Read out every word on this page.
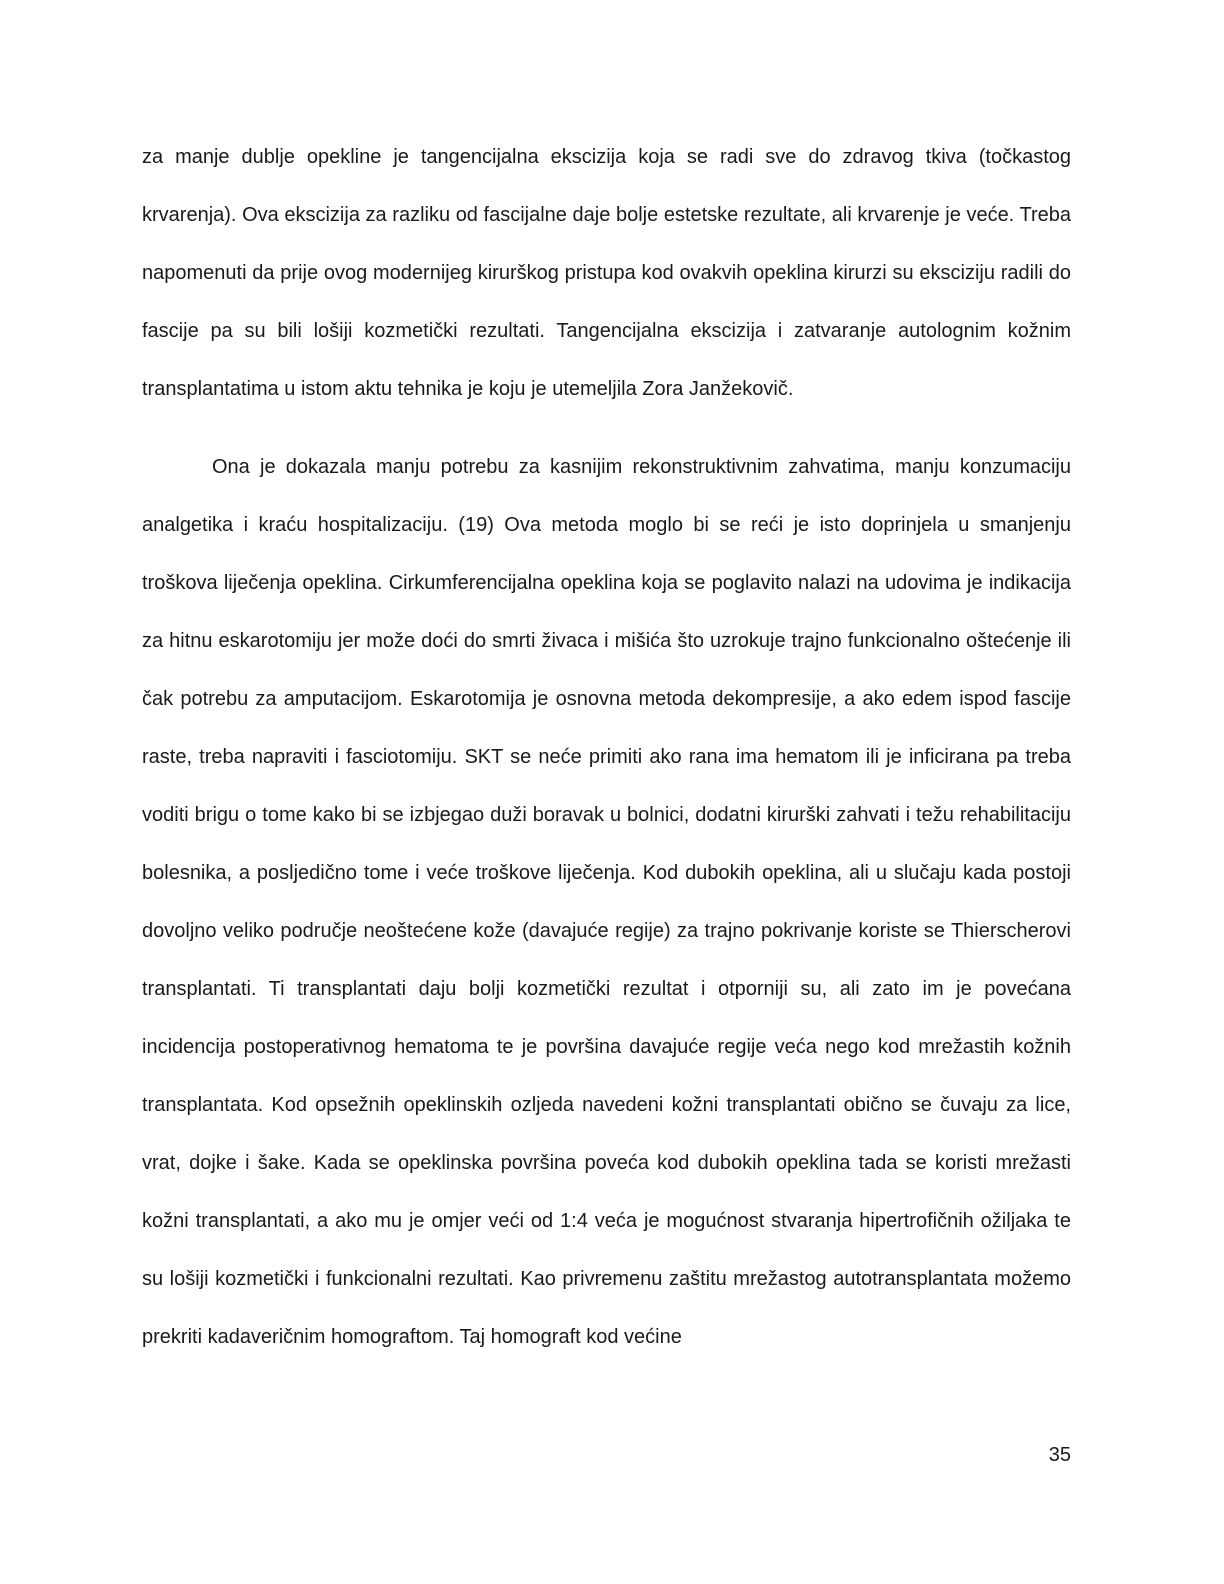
za manje dublje opekline je tangencijalna ekscizija koja se radi sve do zdravog tkiva (točkastog krvarenja). Ova ekscizija za razliku od fascijalne daje bolje estetske rezultate, ali krvarenje je veće. Treba napomenuti da prije ovog modernijeg kirurškog pristupa kod ovakvih opeklina kirurzi su eksciziju radili do fascije pa su bili lošiji kozmetički rezultati. Tangencijalna ekscizija i zatvaranje autolognim kožnim transplantatima u istom aktu tehnika je koju je utemeljila Zora Janžekovič.

Ona je dokazala manju potrebu za kasnijim rekonstruktivnim zahvatima, manju konzumaciju analgetika i kraću hospitalizaciju. (19) Ova metoda moglo bi se reći je isto doprinjela u smanjenju troškova liječenja opeklina. Cirkumferencijalna opeklina koja se poglavito nalazi na udovima je indikacija za hitnu eskarotomiju jer može doći do smrti živaca i mišića što uzrokuje trajno funkcionalno oštećenje ili čak potrebu za amputacijom. Eskarotomija je osnovna metoda dekompresije, a ako edem ispod fascije raste, treba napraviti i fasciotomiju. SKT se neće primiti ako rana ima hematom ili je inficirana pa treba voditi brigu o tome kako bi se izbjegao duži boravak u bolnici, dodatni kirurški zahvati i težu rehabilitaciju bolesnika, a posljedično tome i veće troškove liječenja. Kod dubokih opeklina, ali u slučaju kada postoji dovoljno veliko područje neoštećene kože (davajuće regije) za trajno pokrivanje koriste se Thierscherovi transplantati. Ti transplantati daju bolji kozmetički rezultat i otporniji su, ali zato im je povećana incidencija postoperativnog hematoma te je površina davajuće regije veća nego kod mrežastih kožnih transplantata. Kod opsežnih opeklinskih ozljeda navedeni kožni transplantati obično se čuvaju za lice, vrat, dojke i šake. Kada se opeklinska površina poveća kod dubokih opeklina tada se koristi mrežasti kožni transplantati, a ako mu je omjer veći od 1:4 veća je mogućnost stvaranja hipertrofičnih ožiljaka te su lošiji kozmetički i funkcionalni rezultati. Kao privremenu zaštitu mrežastog autotransplantata možemo prekriti kadaveričnim homograftom. Taj homograft kod većine

35
